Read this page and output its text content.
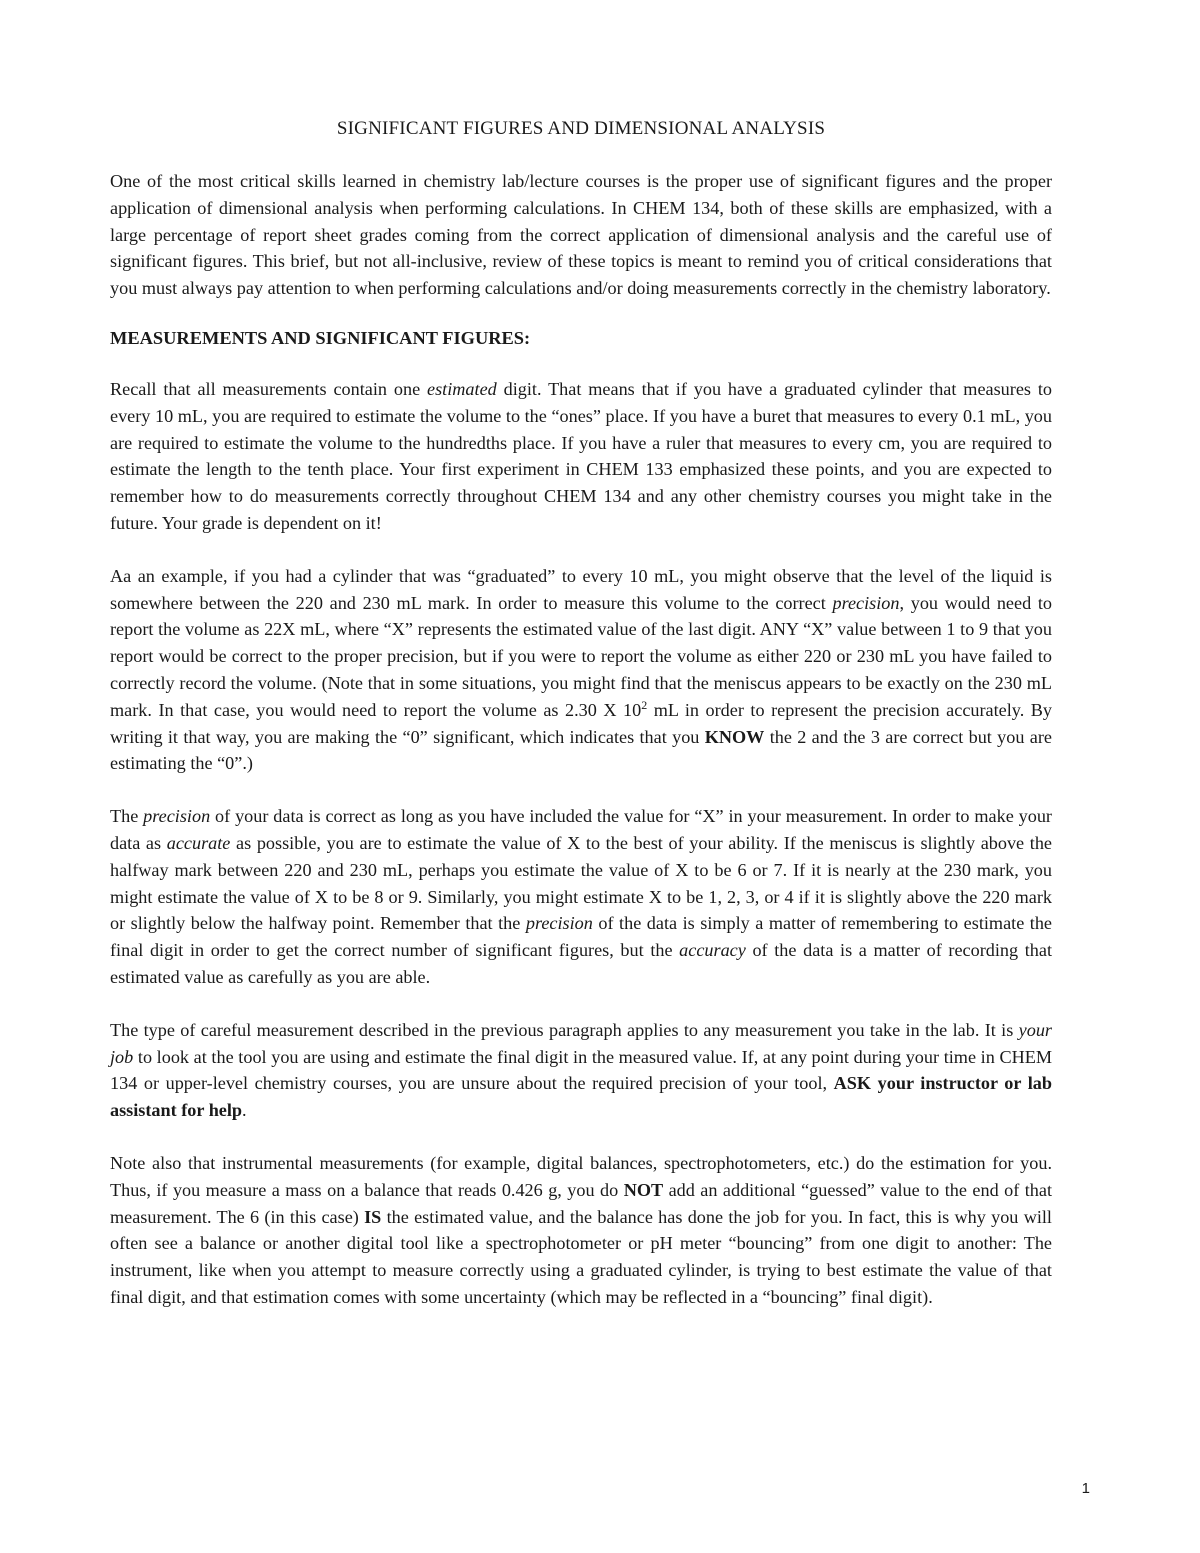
SIGNIFICANT FIGURES AND DIMENSIONAL ANALYSIS

One of the most critical skills learned in chemistry lab/lecture courses is the proper use of significant figures and the proper application of dimensional analysis when performing calculations. In CHEM 134, both of these skills are emphasized, with a large percentage of report sheet grades coming from the correct application of dimensional analysis and the careful use of significant figures. This brief, but not all-inclusive, review of these topics is meant to remind you of critical considerations that you must always pay attention to when performing calculations and/or doing measurements correctly in the chemistry laboratory.

MEASUREMENTS AND SIGNIFICANT FIGURES:

Recall that all measurements contain one estimated digit. That means that if you have a graduated cylinder that measures to every 10 mL, you are required to estimate the volume to the “ones” place. If you have a buret that measures to every 0.1 mL, you are required to estimate the volume to the hundredths place. If you have a ruler that measures to every cm, you are required to estimate the length to the tenth place. Your first experiment in CHEM 133 emphasized these points, and you are expected to remember how to do measurements correctly throughout CHEM 134 and any other chemistry courses you might take in the future. Your grade is dependent on it!

Aa an example, if you had a cylinder that was “graduated” to every 10 mL, you might observe that the level of the liquid is somewhere between the 220 and 230 mL mark. In order to measure this volume to the correct precision, you would need to report the volume as 22X mL, where “X” represents the estimated value of the last digit. ANY “X” value between 1 to 9 that you report would be correct to the proper precision, but if you were to report the volume as either 220 or 230 mL you have failed to correctly record the volume. (Note that in some situations, you might find that the meniscus appears to be exactly on the 230 mL mark. In that case, you would need to report the volume as 2.30 X $10^2$ mL in order to represent the precision accurately. By writing it that way, you are making the “0” significant, which indicates that you KNOW the 2 and the 3 are correct but you are estimating the “0”.)

The precision of your data is correct as long as you have included the value for “X” in your measurement. In order to make your data as accurate as possible, you are to estimate the value of X to the best of your ability. If the meniscus is slightly above the halfway mark between 220 and 230 mL, perhaps you estimate the value of X to be 6 or 7. If it is nearly at the 230 mark, you might estimate the value of X to be 8 or 9. Similarly, you might estimate X to be 1, 2, 3, or 4 if it is slightly above the 220 mark or slightly below the halfway point. Remember that the precision of the data is simply a matter of remembering to estimate the final digit in order to get the correct number of significant figures, but the accuracy of the data is a matter of recording that estimated value as carefully as you are able.

The type of careful measurement described in the previous paragraph applies to any measurement you take in the lab. It is your job to look at the tool you are using and estimate the final digit in the measured value. If, at any point during your time in CHEM 134 or upper-level chemistry courses, you are unsure about the required precision of your tool, ASK your instructor or lab assistant for help.

Note also that instrumental measurements (for example, digital balances, spectrophotometers, etc.) do the estimation for you. Thus, if you measure a mass on a balance that reads 0.426 g, you do NOT add an additional “guessed” value to the end of that measurement. The 6 (in this case) IS the estimated value, and the balance has done the job for you. In fact, this is why you will often see a balance or another digital tool like a spectrophotometer or pH meter “bouncing” from one digit to another: The instrument, like when you attempt to measure correctly using a graduated cylinder, is trying to best estimate the value of that final digit, and that estimation comes with some uncertainty (which may be reflected in a “bouncing” final digit).

1
